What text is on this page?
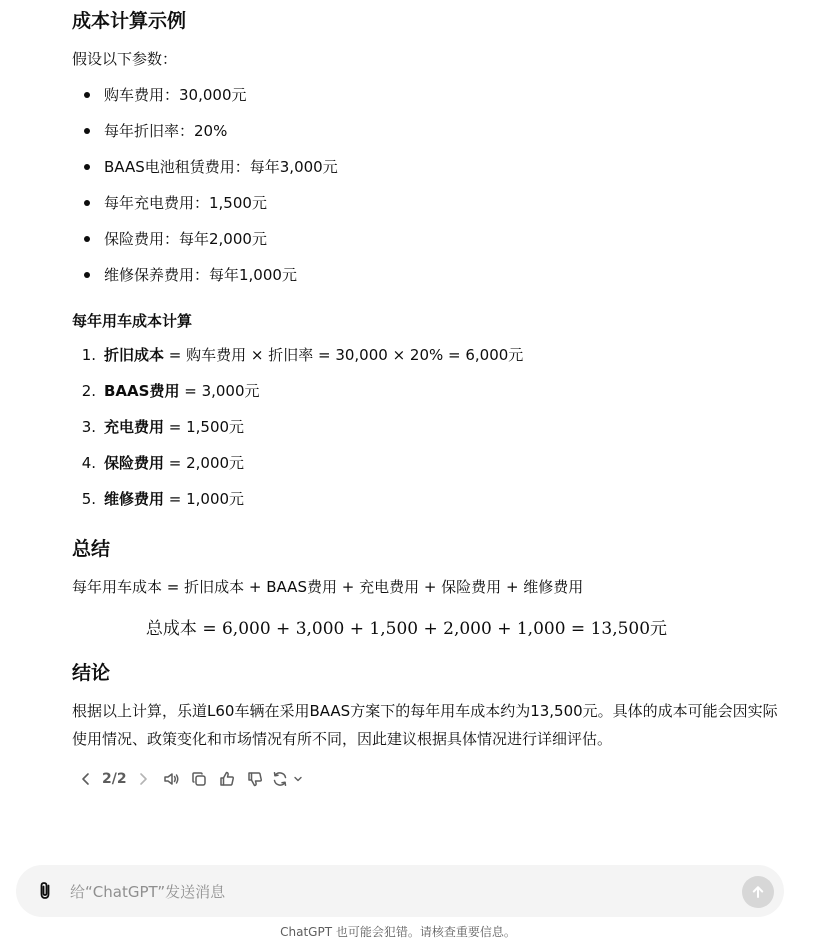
成本计算示例

假设以下参数：

购车费用：30,000元
每年折旧率：20%
BAAS电池租赁费用：每年3,000元
每年充电费用：1,500元
保险费用：每年2,000元
维修保养费用：每年1,000元
每年用车成本计算
1. 折旧成本 = 购车费用 × 折旧率 = 30,000 × 20% = 6,000元
2. BAAS费用 = 3,000元
3. 充电费用 = 1,500元
4. 保险费用 = 2,000元
5. 维修费用 = 1,000元
总结

每年用车成本 = 折旧成本 + BAAS费用 + 充电费用 + 保险费用 + 维修费用

总成本 = 6,000 + 3,000 + 1,500 + 2,000 + 1,000 = 13,500元
结论

根据以上计算，乐道L60车辆在采用BAAS方案下的每年用车成本约为13,500元。具体的成本可能会因实际使用情况、政策变化和市场情况有所不同，因此建议根据具体情况进行详细评估。

2/2
给“ChatGPT”发送消息
ChatGPT 也可能会犯错。请核查重要信息。
